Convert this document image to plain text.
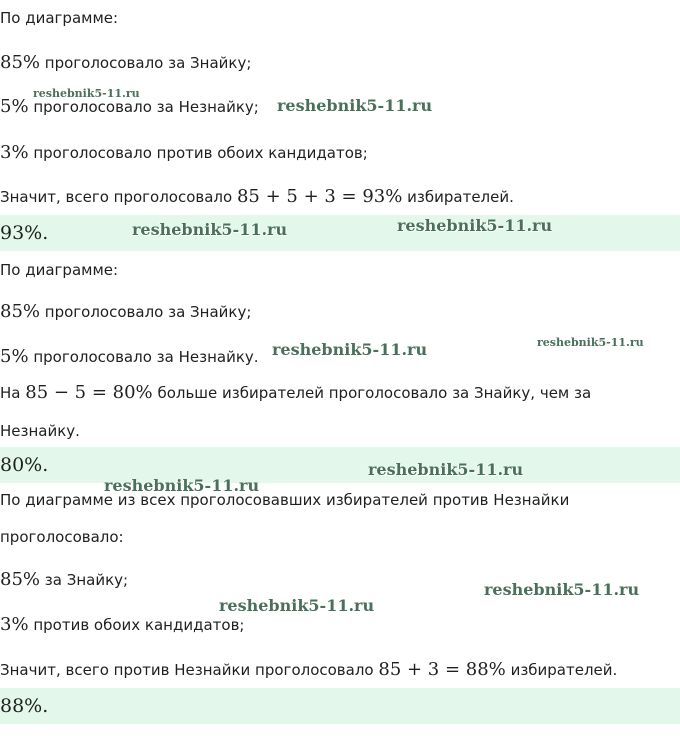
По диаграмме:
85% проголосовало за Знайку;
5% проголосовало за Незнайку;
3% проголосовало против обоих кандидатов;
Значит, всего проголосовало 85 + 5 + 3 = 93% избирателей.
93%.
По диаграмме:
85% проголосовало за Знайку;
5% проголосовало за Незнайку.
На 85 − 5 = 80% больше избирателей проголосовало за Знайку, чем за
Незнайку.
80%.
По диаграмме из всех проголосовавших избирателей против Незнайки
проголосовало:
85% за Знайку;
3% против обоих кандидатов;
Значит, всего против Незнайки проголосовало 85 + 3 = 88% избирателей.
88%.
reshebnik5-11.ru
reshebnik5-11.ru
reshebnik5-11.ru	reshebnik5-11.ru
reshebnik5-11.ru	reshebnik5-11.ru
reshebnik5-11.ru
reshebnik5-11.ru
reshebnik5-11.ru
reshebnik5-11.ru
